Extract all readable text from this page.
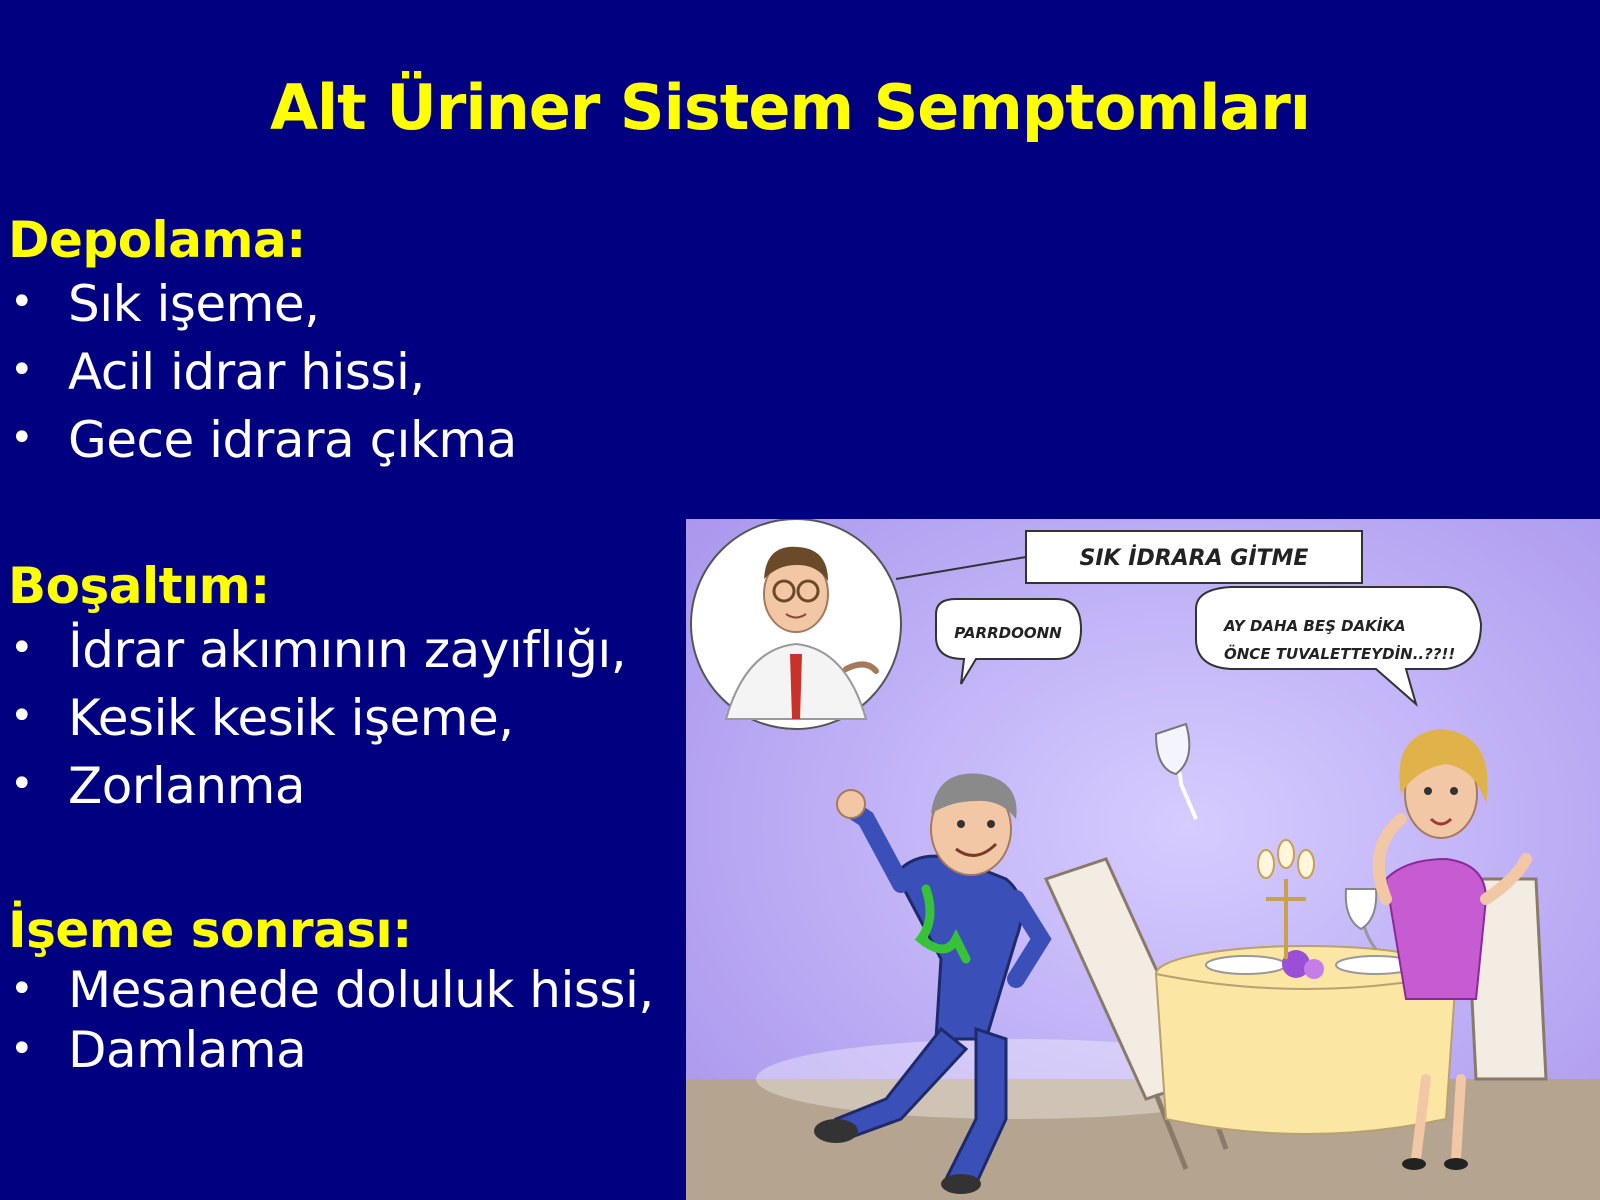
Alt Üriner Sistem Semptomları
Depolama:
• Sık işeme,
• Acil idrar hissi,
• Gece idrara çıkma
Boşaltım:
• İdrar akımının zayıflığı,
• Kesik kesik işeme,
• Zorlanma
İşeme sonrası:
• Mesanede doluluk hissi,
• Damlama
SIK İDRARA GİTME
PARRDOONN	AY DAHA BEŞ DAKİKA
ÖNCE TUVALETTEYDİN..??!!
